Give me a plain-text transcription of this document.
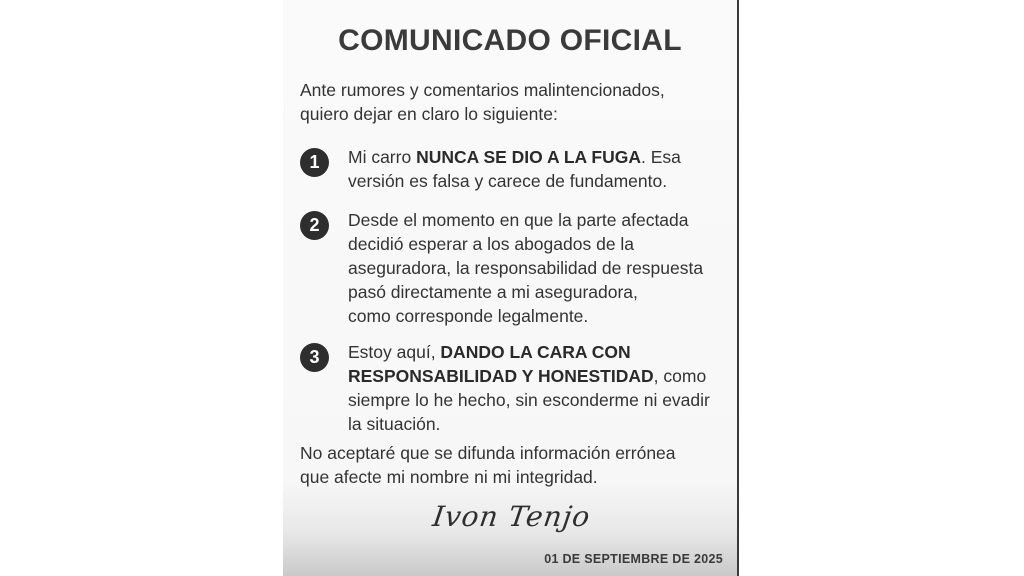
COMUNICADO OFICIAL
Ante rumores y comentarios malintencionados,
quiero dejar en claro lo siguiente:
1	Mi carro NUNCA SE DIO A LA FUGA. Esa versión es falsa y carece de fundamento.
2	Desde el momento en que la parte afectada
decidió esperar a los abogados de la
aseguradora, la responsabilidad de respuesta
pasó directamente a mi aseguradora,
como corresponde legalmente.
3	Estoy aquí, DANDO LA CARA CON RESPONSABILIDAD Y HONESTIDAD, como siempre lo he hecho, sin esconderme ni evadir la situación.
No aceptaré que se difunda información errónea
que afecte mi nombre ni mi integridad.
Ivon Tenjo
01 DE SEPTIEMBRE DE 2025
